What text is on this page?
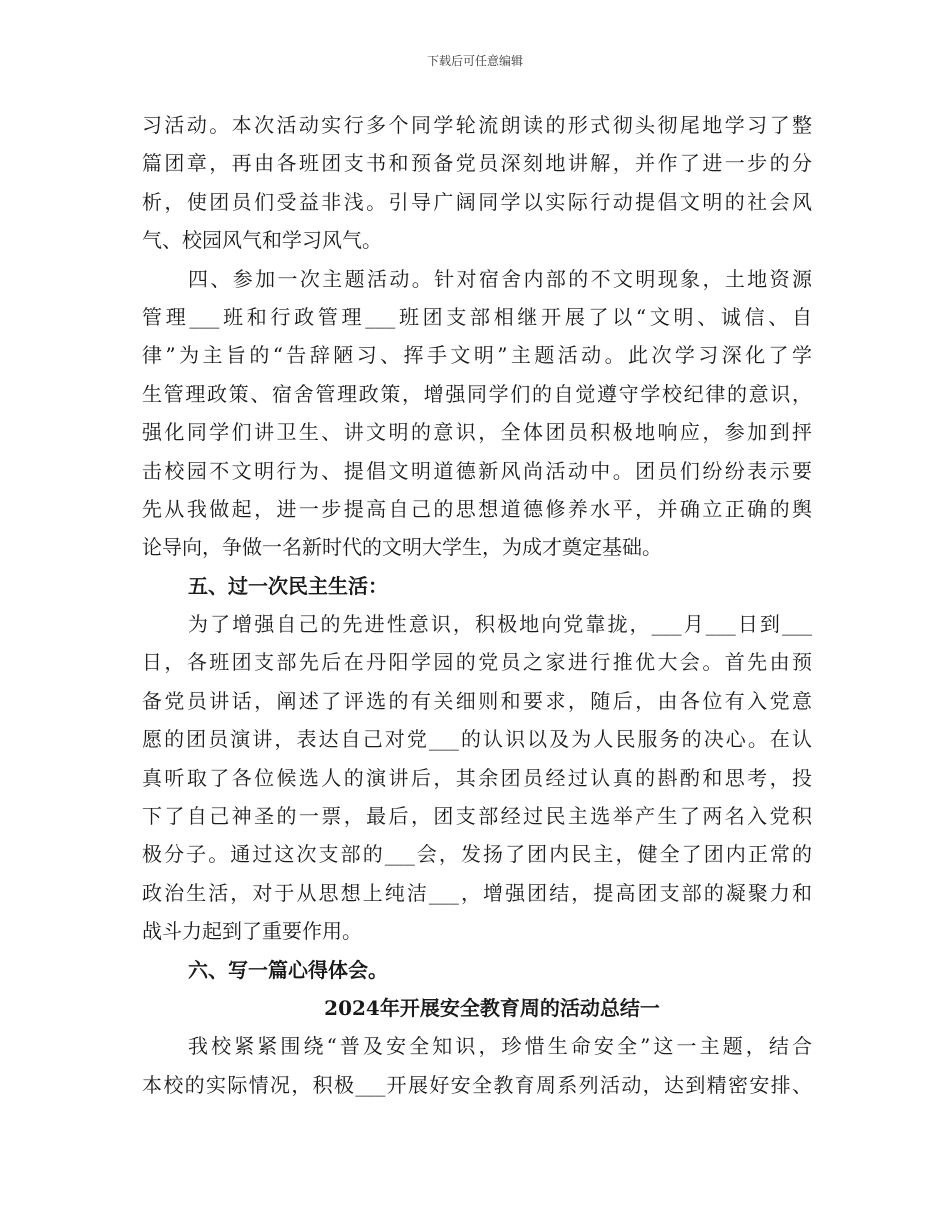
下载后可任意编辑
习活动。本次活动实行多个同学轮流朗读的形式彻头彻尾地学习了整
篇团章，再由各班团支书和预备党员深刻地讲解，并作了进一步的分
析，使团员们受益非浅。引导广阔同学以实际行动提倡文明的社会风
气、校园风气和学习风气。
四、参加一次主题活动。针对宿舍内部的不文明现象，土地资源
管理___班和行政管理___班团支部相继开展了以“文明、诚信、自
律”为主旨的“告辞陋习、挥手文明”主题活动。此次学习深化了学
生管理政策、宿舍管理政策，增强同学们的自觉遵守学校纪律的意识，
强化同学们讲卫生、讲文明的意识，全体团员积极地响应，参加到抨
击校园不文明行为、提倡文明道德新风尚活动中。团员们纷纷表示要
先从我做起，进一步提高自己的思想道德修养水平，并确立正确的舆
论导向，争做一名新时代的文明大学生，为成才奠定基础。
五、过一次民主生活：
为了增强自己的先进性意识，积极地向党靠拢，___月___日到___
日，各班团支部先后在丹阳学园的党员之家进行推优大会。首先由预
备党员讲话，阐述了评选的有关细则和要求，随后，由各位有入党意
愿的团员演讲，表达自己对党___的认识以及为人民服务的决心。在认
真听取了各位候选人的演讲后，其余团员经过认真的斟酌和思考，投
下了自己神圣的一票，最后，团支部经过民主选举产生了两名入党积
极分子。通过这次支部的___会，发扬了团内民主，健全了团内正常的
政治生活，对于从思想上纯洁___，增强团结，提高团支部的凝聚力和
战斗力起到了重要作用。
六、写一篇心得体会。
2024年开展安全教育周的活动总结一
我校紧紧围绕“普及安全知识，珍惜生命安全”这一主题，结合
本校的实际情况，积极___开展好安全教育周系列活动，达到精密安排、
